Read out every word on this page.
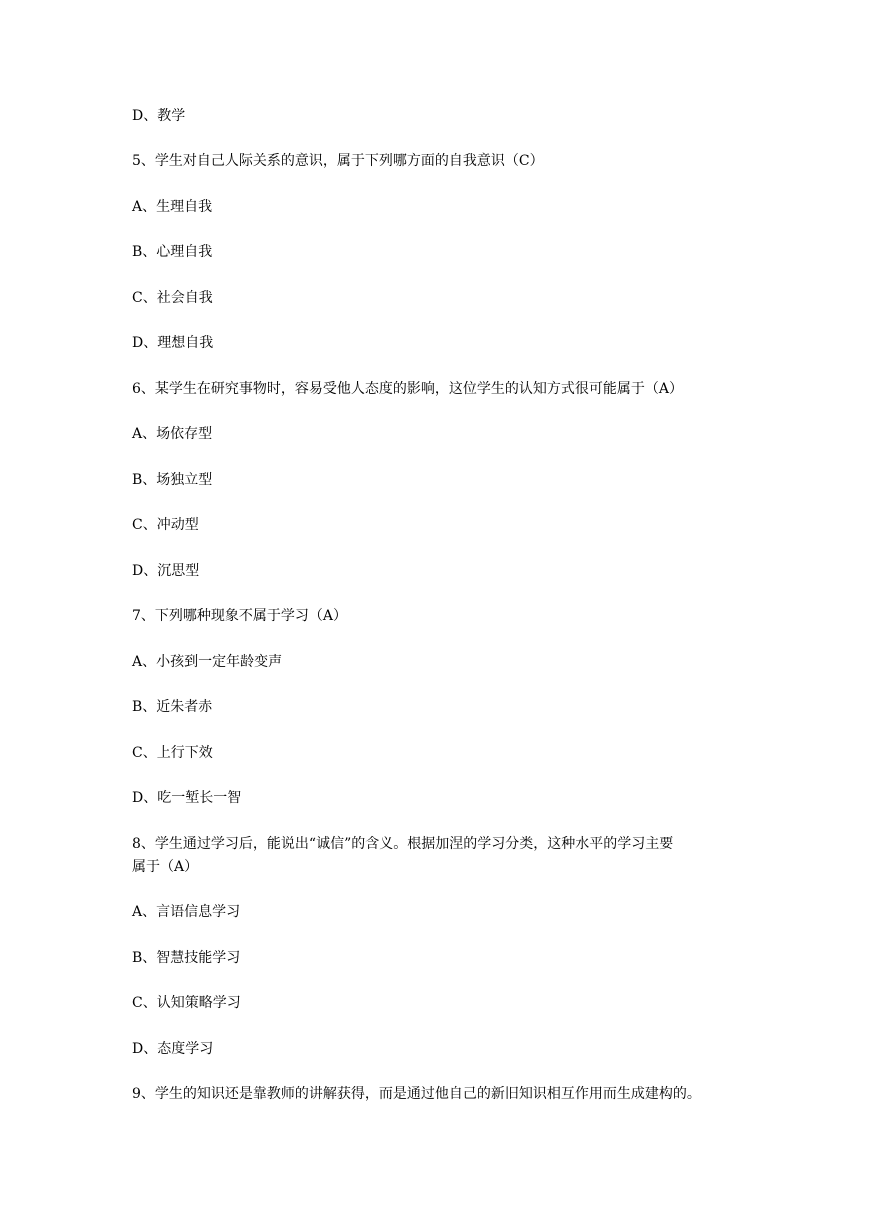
D、教学
5、学生对自己人际关系的意识，属于下列哪方面的自我意识（C）
A、生理自我
B、心理自我
C、社会自我
D、理想自我
6、某学生在研究事物时，容易受他人态度的影响，这位学生的认知方式很可能属于（A）
A、场依存型
B、场独立型
C、冲动型
D、沉思型
7、下列哪种现象不属于学习（A）
A、小孩到一定年龄变声
B、近朱者赤
C、上行下效
D、吃一堑长一智
8、学生通过学习后，能说出“诚信”的含义。根据加涅的学习分类，这种水平的学习主要
属于（A）
A、言语信息学习
B、智慧技能学习
C、认知策略学习
D、态度学习
9、学生的知识还是靠教师的讲解获得，而是通过他自己的新旧知识相互作用而生成建构的。
